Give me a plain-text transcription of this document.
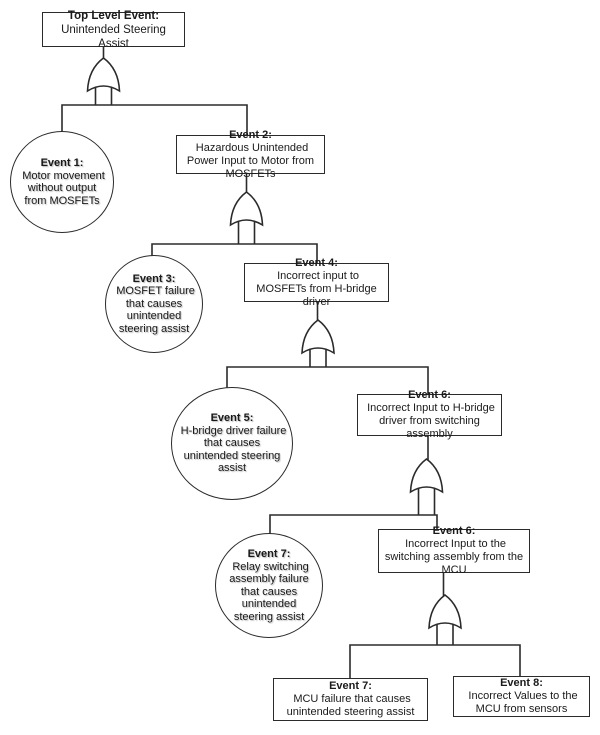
Top Level Event:
Unintended Steering Assist
Event 1:
Motor movement without output from MOSFETs
Event 2:
Hazardous Unintended Power Input to Motor from MOSFETs
Event 3:
MOSFET failure that causes unintended steering assist
Event 4:
Incorrect input to MOSFETs from H-bridge driver
Event 5:
H-bridge driver failure that causes unintended steering assist
Event 6:
Incorrect Input to H-bridge driver from switching assembly
Event 7:
Relay switching assembly failure that causes unintended steering assist
Event 6:
Incorrect Input to the switching assembly from the MCU
Event 7:
MCU failure that causes unintended steering assist
Event 8:
Incorrect Values to the MCU from sensors
